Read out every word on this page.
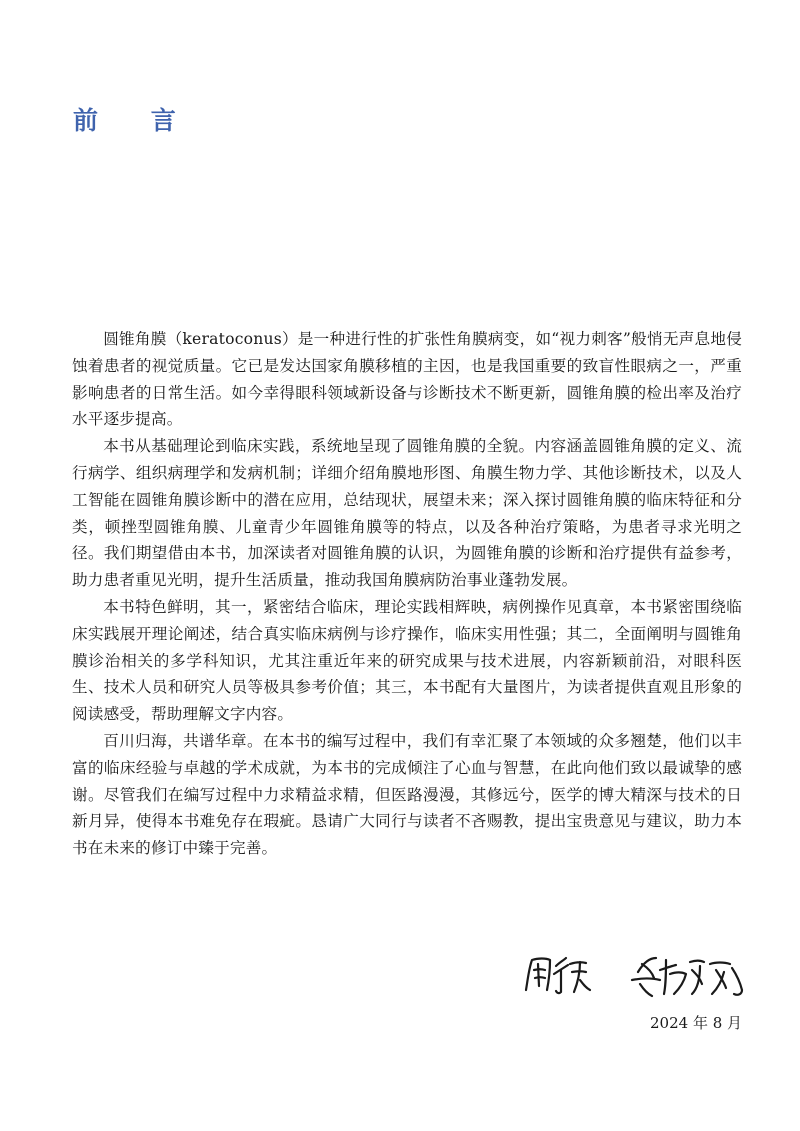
前 言

圆锥角膜（keratoconus）是一种进行性的扩张性角膜病变，如“视力刺客”般悄无声息地侵蚀着患者的视觉质量。它已是发达国家角膜移植的主因，也是我国重要的致盲性眼病之一，严重影响患者的日常生活。如今幸得眼科领域新设备与诊断技术不断更新，圆锥角膜的检出率及治疗水平逐步提高。

本书从基础理论到临床实践，系统地呈现了圆锥角膜的全貌。内容涵盖圆锥角膜的定义、流行病学、组织病理学和发病机制；详细介绍角膜地形图、角膜生物力学、其他诊断技术，以及人工智能在圆锥角膜诊断中的潜在应用，总结现状，展望未来；深入探讨圆锥角膜的临床特征和分类，顿挫型圆锥角膜、儿童青少年圆锥角膜等的特点，以及各种治疗策略，为患者寻求光明之径。我们期望借由本书，加深读者对圆锥角膜的认识，为圆锥角膜的诊断和治疗提供有益参考，助力患者重见光明，提升生活质量，推动我国角膜病防治事业蓬勃发展。

本书特色鲜明，其一，紧密结合临床，理论实践相辉映，病例操作见真章，本书紧密围绕临床实践展开理论阐述，结合真实临床病例与诊疗操作，临床实用性强；其二，全面阐明与圆锥角膜诊治相关的多学科知识，尤其注重近年来的研究成果与技术进展，内容新颖前沿，对眼科医生、技术人员和研究人员等极具参考价值；其三，本书配有大量图片，为读者提供直观且形象的阅读感受，帮助理解文字内容。

百川归海，共谱华章。在本书的编写过程中，我们有幸汇聚了本领域的众多翘楚，他们以丰富的临床经验与卓越的学术成就，为本书的完成倾注了心血与智慧，在此向他们致以最诚挚的感谢。尽管我们在编写过程中力求精益求精，但医路漫漫，其修远兮，医学的博大精深与技术的日新月异，使得本书难免存在瑕疵。恳请广大同行与读者不吝赐教，提出宝贵意见与建议，助力本书在未来的修订中臻于完善。

2024 年 8 月
